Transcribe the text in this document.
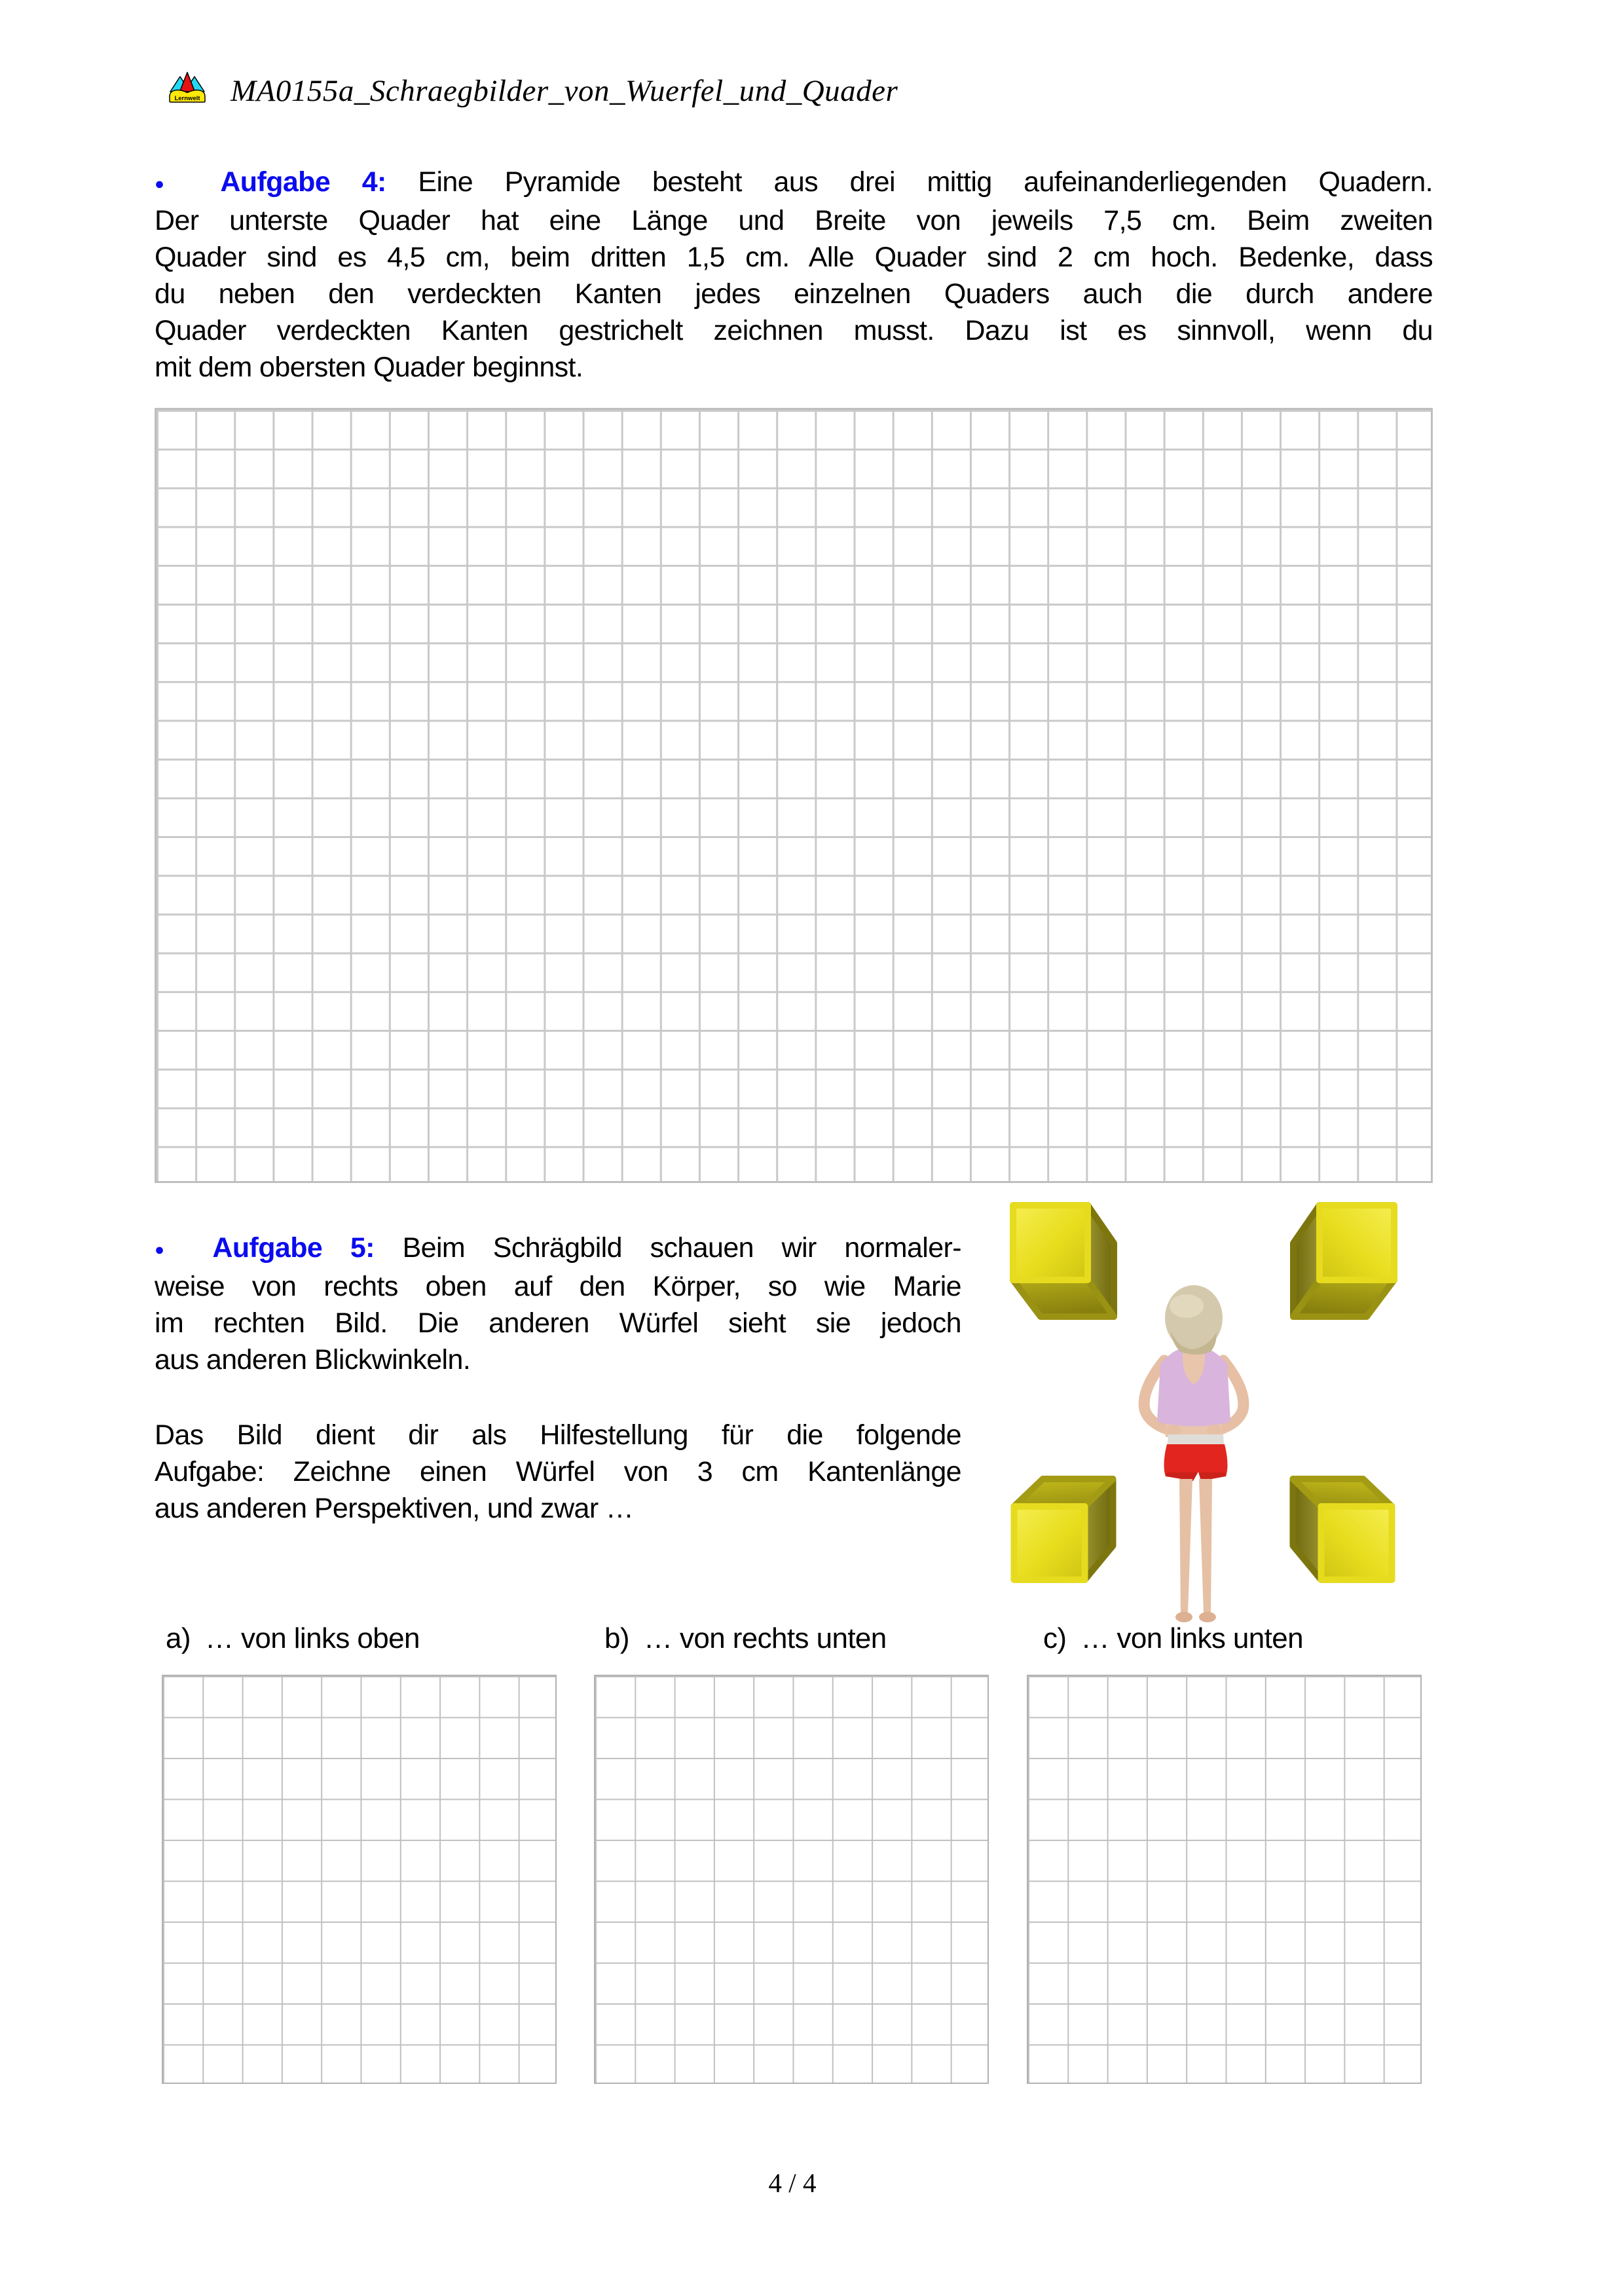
Lernwelt MA0155a_Schraegbilder_von_Wuerfel_und_Quader
● Aufgabe 4: Eine Pyramide besteht aus drei mittig aufeinanderliegenden Quadern.
Der unterste Quader hat eine Länge und Breite von jeweils 7,5 cm. Beim zweiten
Quader sind es 4,5 cm, beim dritten 1,5 cm. Alle Quader sind 2 cm hoch. Bedenke, dass
du neben den verdeckten Kanten jedes einzelnen Quaders auch die durch andere
Quader verdeckten Kanten gestrichelt zeichnen musst. Dazu ist es sinnvoll, wenn du
mit dem obersten Quader beginnst.
● Aufgabe 5: Beim Schrägbild schauen wir normaler-
weise von rechts oben auf den Körper, so wie Marie
im rechten Bild. Die anderen Würfel sieht sie jedoch
aus anderen Blickwinkeln.
Das Bild dient dir als Hilfestellung für die folgende
Aufgabe: Zeichne einen Würfel von 3 cm Kantenlänge
aus anderen Perspektiven, und zwar …
a) … von links oben	b) … von rechts unten	c) … von links unten
4 / 4
